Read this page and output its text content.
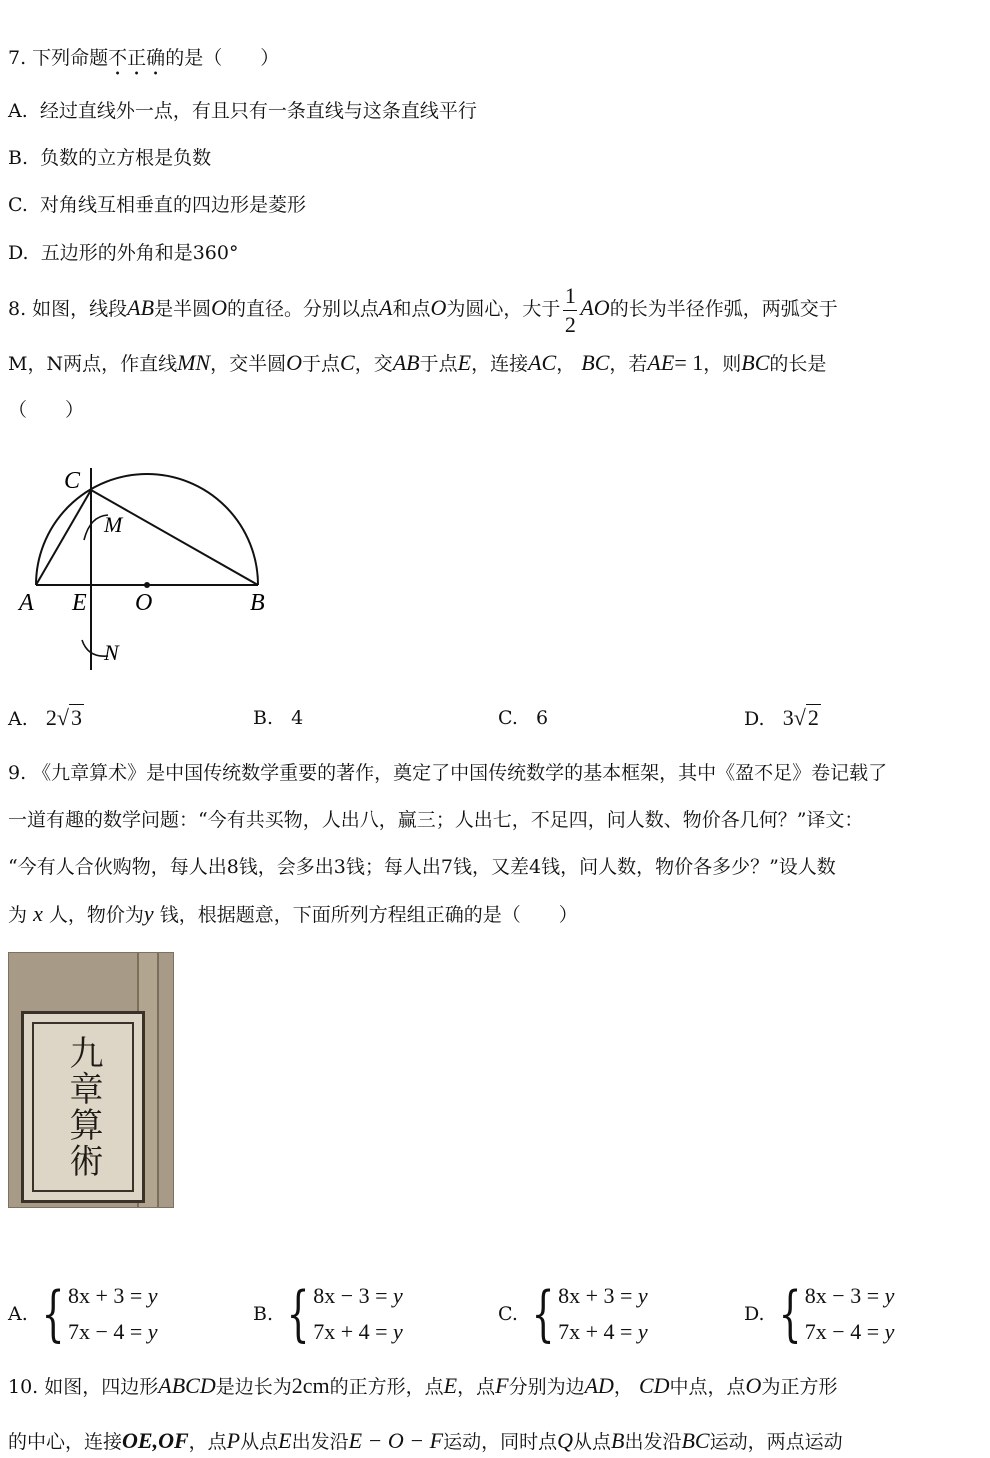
7. 下列命题不正确的是（　　）
A. 经过直线外一点，有且只有一条直线与这条直线平行
B. 负数的立方根是负数
C. 对角线互相垂直的四边形是菱形
D. 五边形的外角和是360°
8. 如图，线段AB是半圆O的直径。分别以点A和点O为圆心，大于 $\frac{1}{2}$ AO的长为半径作弧，两弧交于
M，N两点，作直线MN，交半圆O于点C，交AB于点E，连接AC， BC，若AE= 1，则BC的长是
（　　）
C
M
A E O	B
N
A. 2√3	B. 4	C. 6	D. 3√2
9. 《九章算术》是中国传统数学重要的著作，奠定了中国传统数学的基本框架，其中《盈不足》卷记载了
一道有趣的数学问题：“今有共买物，人出八，赢三；人出七，不足四，问人数、物价各几何？”译文：
“今有人合伙购物，每人出8钱，会多出3钱；每人出7钱，又差4钱，问人数，物价各多少？”设人数
为 x 人，物价为y 钱，根据题意，下面所列方程组正确的是（　　）
九章算術
A. { 8x + 3 = y
7x − 4 = y
B. { 8x − 3 = y
7x + 4 = y
C. { 8x + 3 = y
7x + 4 = y
D. { 8x − 3 = y
7x − 4 = y
10. 如图，四边形ABCD是边长为2cm的正方形，点E，点F分别为边AD， CD中点，点O为正方形
的中心，连接OE,OF，点P从点E出发沿E − O − F运动，同时点Q从点B出发沿BC运动，两点运动
